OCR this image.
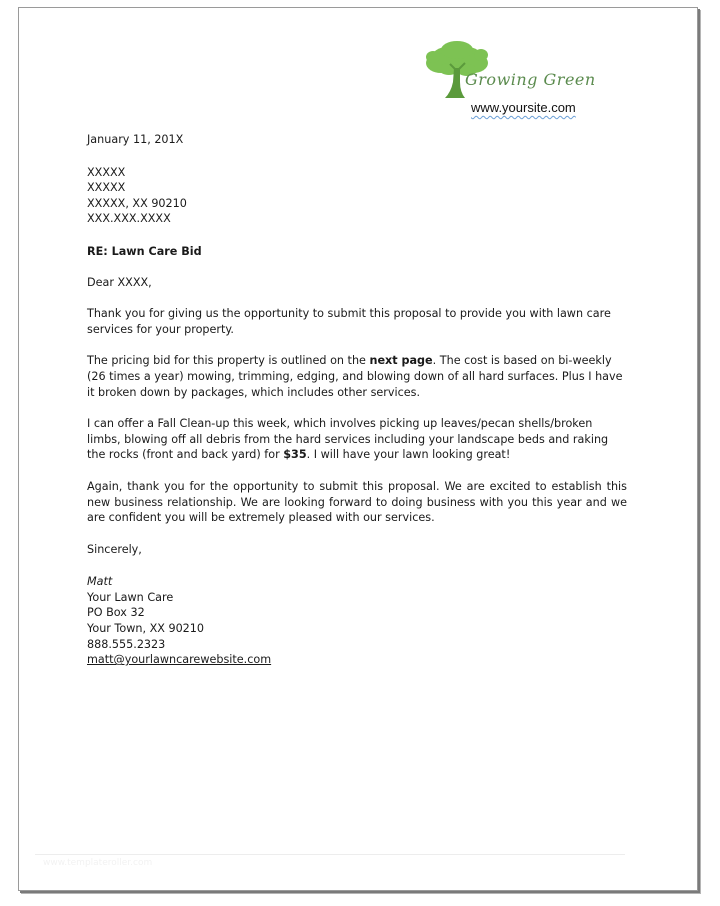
Growing Green
www.yoursite.com

January 11, 201X

XXXXX

XXXXX

XXXXX, XX 90210

XXX.XXX.XXXX

RE: Lawn Care Bid

Dear XXXX,

Thank you for giving us the opportunity to submit this proposal to provide you with lawn care services for your property.

The pricing bid for this property is outlined on the next page. The cost is based on bi-weekly (26 times a year) mowing, trimming, edging, and blowing down of all hard surfaces. Plus I have it broken down by packages, which includes other services.

I can offer a Fall Clean-up this week, which involves picking up leaves/pecan shells/broken limbs, blowing off all debris from the hard services including your landscape beds and raking the rocks (front and back yard) for $35. I will have your lawn looking great!

Again, thank you for the opportunity to submit this proposal. We are excited to establish this new business relationship. We are looking forward to doing business with you this year and we are confident you will be extremely pleased with our services.

Sincerely,

Matt

Your Lawn Care

PO Box 32

Your Town, XX 90210

888.555.2323

matt@yourlawncarewebsite.com

www.templateroller.com
